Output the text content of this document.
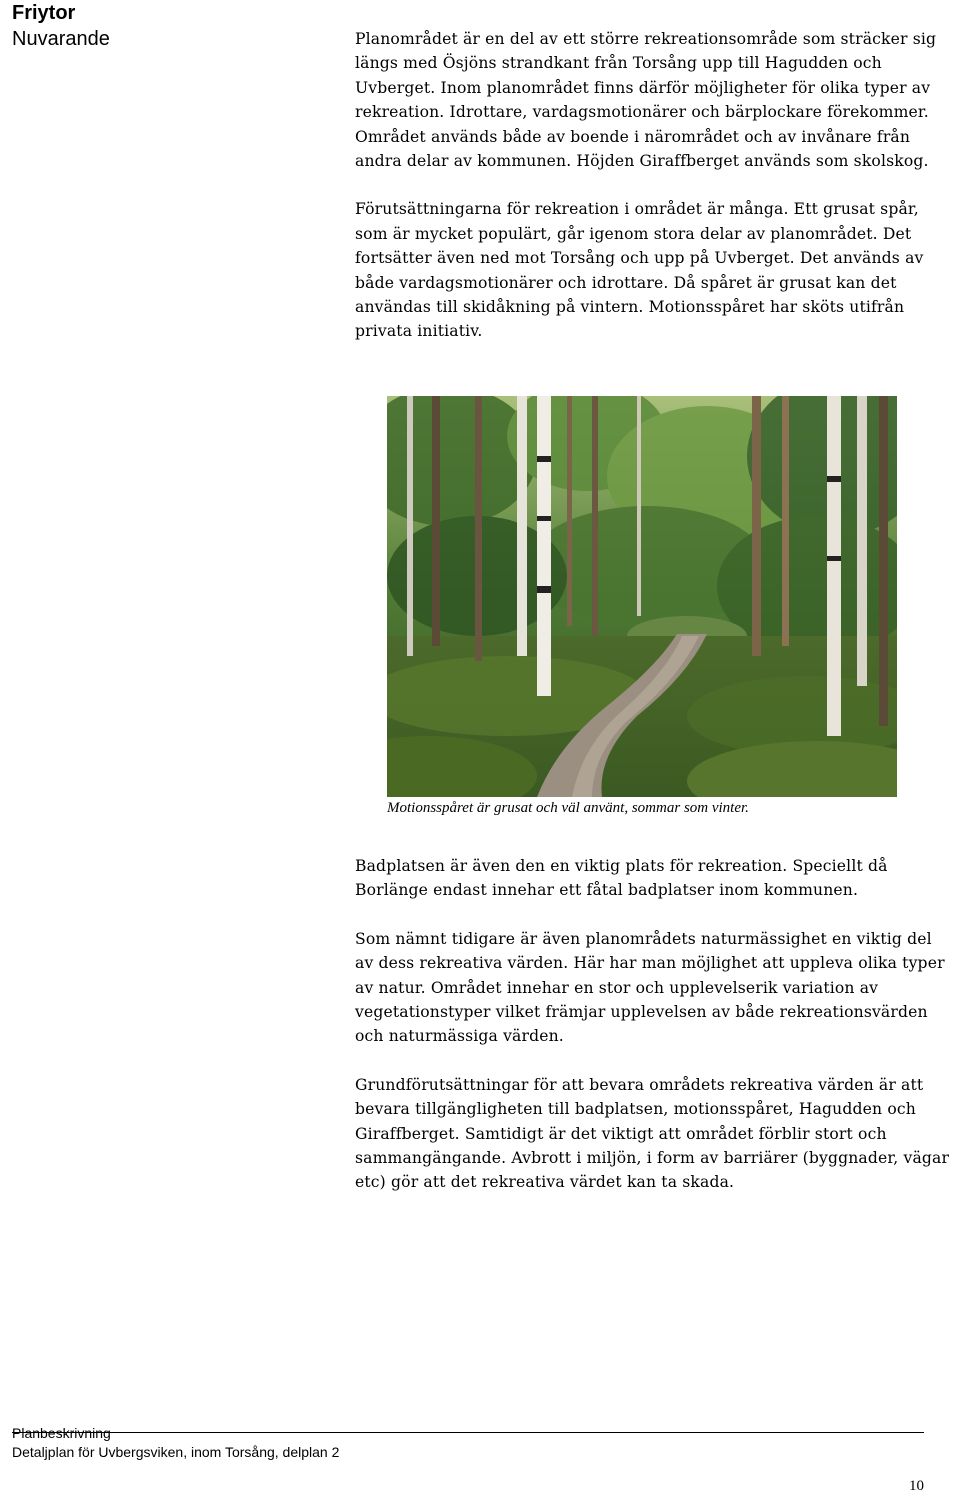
Friytor
Nuvarande	Planområdet är en del av ett större rekreationsområde som sträcker sig längs med Ösjöns strandkant från Torsång upp till Hagudden och Uvberget. Inom planområdet finns därför möjligheter för olika typer av rekreation. Idrottare, vardagsmotionärer och bärplockare förekommer. Området används både av boende i närområdet och av invånare från andra delar av kommunen. Höjden Giraffberget används som skolskog.

Förutsättningarna för rekreation i området är många. Ett grusat spår, som är mycket populärt, går igenom stora delar av planområdet. Det fortsätter även ned mot Torsång och upp på Uvberget. Det används av både vardagsmotionärer och idrottare. Då spåret är grusat kan det användas till skidåkning på vintern. Motionsspåret har sköts utifrån privata initiativ.

Motionsspåret är grusat och väl använt, sommar som vinter.

Badplatsen är även den en viktig plats för rekreation. Speciellt då Borlänge endast innehar ett fåtal badplatser inom kommunen.

Som nämnt tidigare är även planområdets naturmässighet en viktig del av dess rekreativa värden. Här har man möjlighet att uppleva olika typer av natur. Området innehar en stor och upplevelserik variation av vegetationstyper vilket främjar upplevelsen av både rekreationsvärden och naturmässiga värden.

Grundförutsättningar för att bevara områdets rekreativa värden är att bevara tillgängligheten till badplatsen, motionsspåret, Hagudden och Giraffberget. Samtidigt är det viktigt att området förblir stort och sammangängande. Avbrott i miljön, i form av barriärer (byggnader, vägar etc) gör att det rekreativa värdet kan ta skada.

Planbeskrivning
Detaljplan för Uvbergsviken, inom Torsång, delplan 2
10
